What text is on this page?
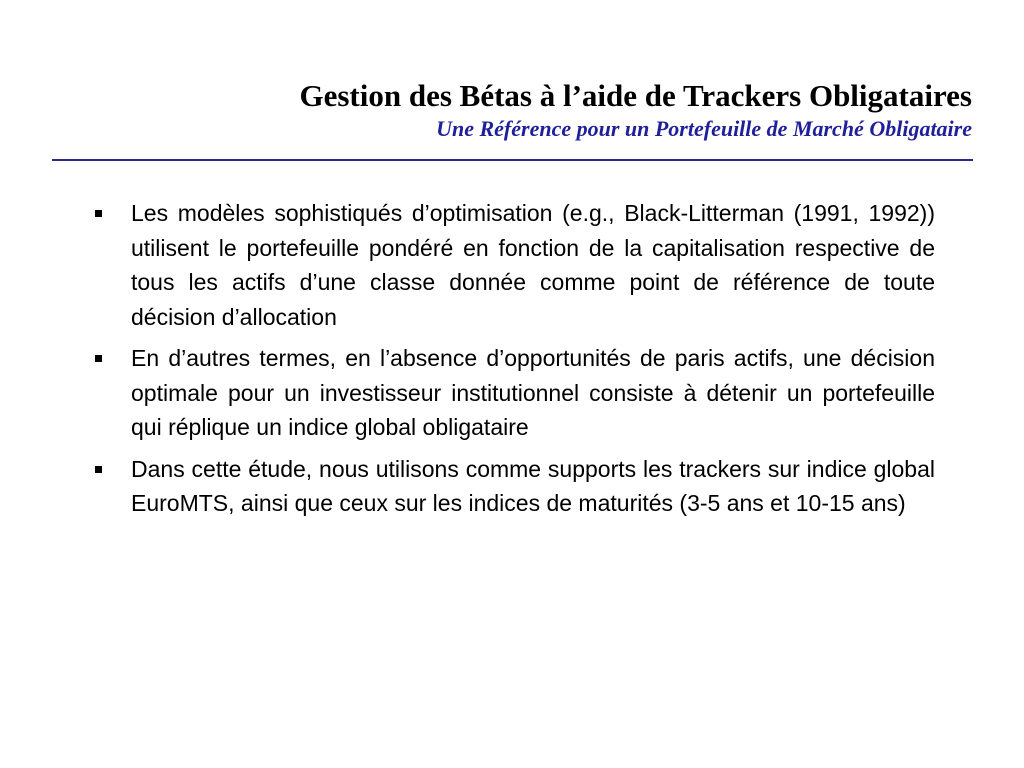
Gestion des Bétas à l’aide de Trackers Obligataires
Une Référence pour un Portefeuille de Marché Obligataire
Les modèles sophistiqués d’optimisation (e.g., Black-Litterman (1991, 1992)) utilisent le portefeuille pondéré en fonction de la capitalisation respective de tous les actifs d’une classe donnée comme point de référence de toute décision d’allocation
En d’autres termes, en l’absence d’opportunités de paris actifs, une décision optimale pour un investisseur institutionnel consiste à détenir un portefeuille qui réplique un indice global obligataire
Dans cette étude, nous utilisons comme supports les trackers sur indice global EuroMTS, ainsi que ceux sur les indices de maturités (3-5 ans et 10-15 ans)
